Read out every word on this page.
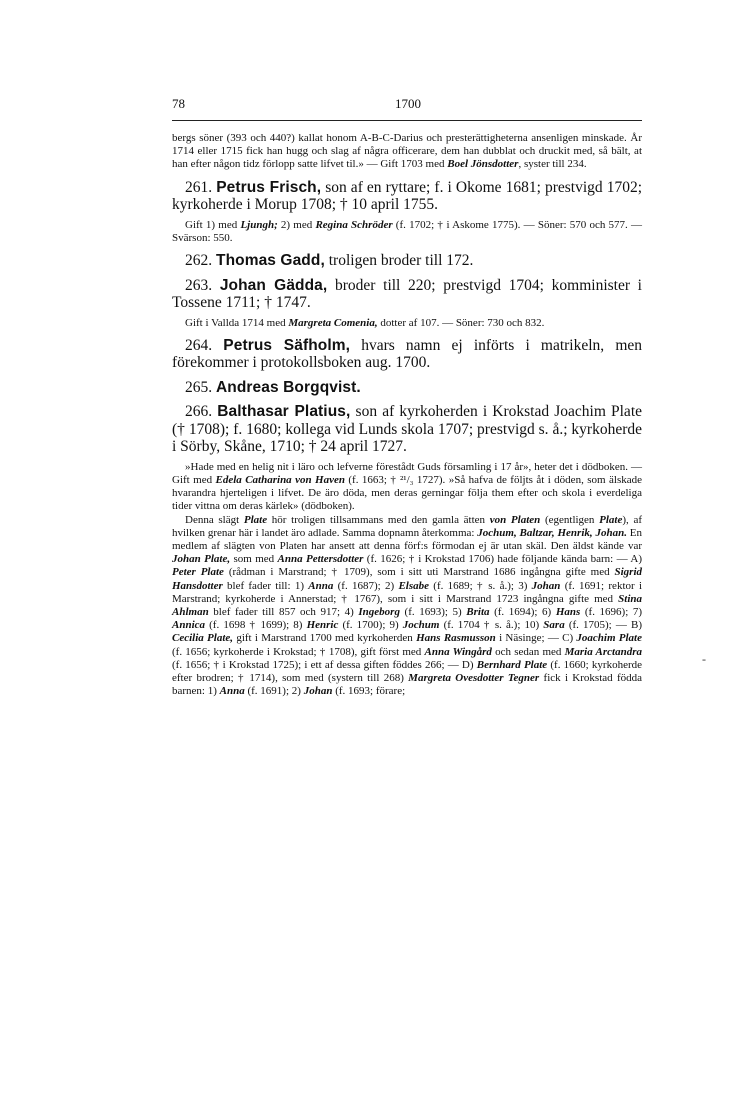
78	1700

bergs söner (393 och 440?) kallat honom A-B-C-Darius och presterättigheterna ansenligen minskade. År 1714 eller 1715 fick han hugg och slag af några officerare, dem han dubblat och druckit med, så bält, at han efter någon tidz förlopp satte lifvet til.» — Gift 1703 med Boel Jönsdotter, syster till 234.

261. Petrus Frisch, son af en ryttare; f. i Okome 1681; prestvigd 1702; kyrkoherde i Morup 1708; † 10 april 1755.

Gift 1) med Ljungh; 2) med Regina Schröder (f. 1702; † i Askome 1775). — Söner: 570 och 577. — Svärson: 550.

262. Thomas Gadd, troligen broder till 172.

263. Johan Gädda, broder till 220; prestvigd 1704; komminister i Tossene 1711; † 1747.

Gift i Vallda 1714 med Margreta Comenia, dotter af 107. — Söner: 730 och 832.

264. Petrus Säfholm, hvars namn ej införts i matrikeln, men förekommer i protokollsboken aug. 1700.

265. Andreas Borgqvist.

266. Balthasar Platius, son af kyrkoherden i Krokstad Joachim Plate († 1708); f. 1680; kollega vid Lunds skola 1707; prestvigd s. å.; kyrkoherde i Sörby, Skåne, 1710; † 24 april 1727.

»Hade med en helig nit i läro och lefverne förestådt Guds församling i 17 år», heter det i dödboken. — Gift med Edela Catharina von Haven (f. 1663; † ²¹/₃ 1727). »Så hafva de följts åt i döden, som älskade hvarandra hjerteligen i lifvet. De äro döda, men deras gerningar följa them efter och skola i everdeliga tider vittna om deras kärlek» (dödboken).

Denna slägt Plate hör troligen tillsammans med den gamla ätten von Platen (egentligen Plate), af hvilken grenar här i landet äro adlade. Samma dopnamn återkomma: Jochum, Baltzar, Henrik, Johan. En medlem af slägten von Platen har ansett att denna förf:s förmodan ej är utan skäl. Den äldst kände var Johan Plate, som med Anna Pettersdotter (f. 1626; † i Krokstad 1706) hade följande kända barn: — A) Peter Plate (rådman i Marstrand; † 1709), som i sitt uti Marstrand 1686 ingångna gifte med Sigrid Hansdotter blef fader till: 1) Anna (f. 1687); 2) Elsabe (f. 1689; † s. å.); 3) Johan (f. 1691; rektor i Marstrand; kyrkoherde i Annerstad; † 1767), som i sitt i Marstrand 1723 ingångna gifte med Stina Ahlman blef fader till 857 och 917; 4) Ingeborg (f. 1693); 5) Brita (f. 1694); 6) Hans (f. 1696); 7) Annica (f. 1698 † 1699); 8) Henric (f. 1700); 9) Jochum (f. 1704 † s. å.); 10) Sara (f. 1705); — B) Cecilia Plate, gift i Marstrand 1700 med kyrkoherden Hans Rasmusson i Näsinge; — C) Joachim Plate (f. 1656; kyrkoherde i Krokstad; † 1708), gift först med Anna Wingård och sedan med Maria Arctandra (f. 1656; † i Krokstad 1725); i ett af dessa giften föddes 266; — D) Bernhard Plate (f. 1660; kyrkoherde efter brodren; † 1714), som med (systern till 268) Margreta Ovesdotter Tegner fick i Krokstad födda barnen: 1) Anna (f. 1691); 2) Johan (f. 1693; förare;

-
